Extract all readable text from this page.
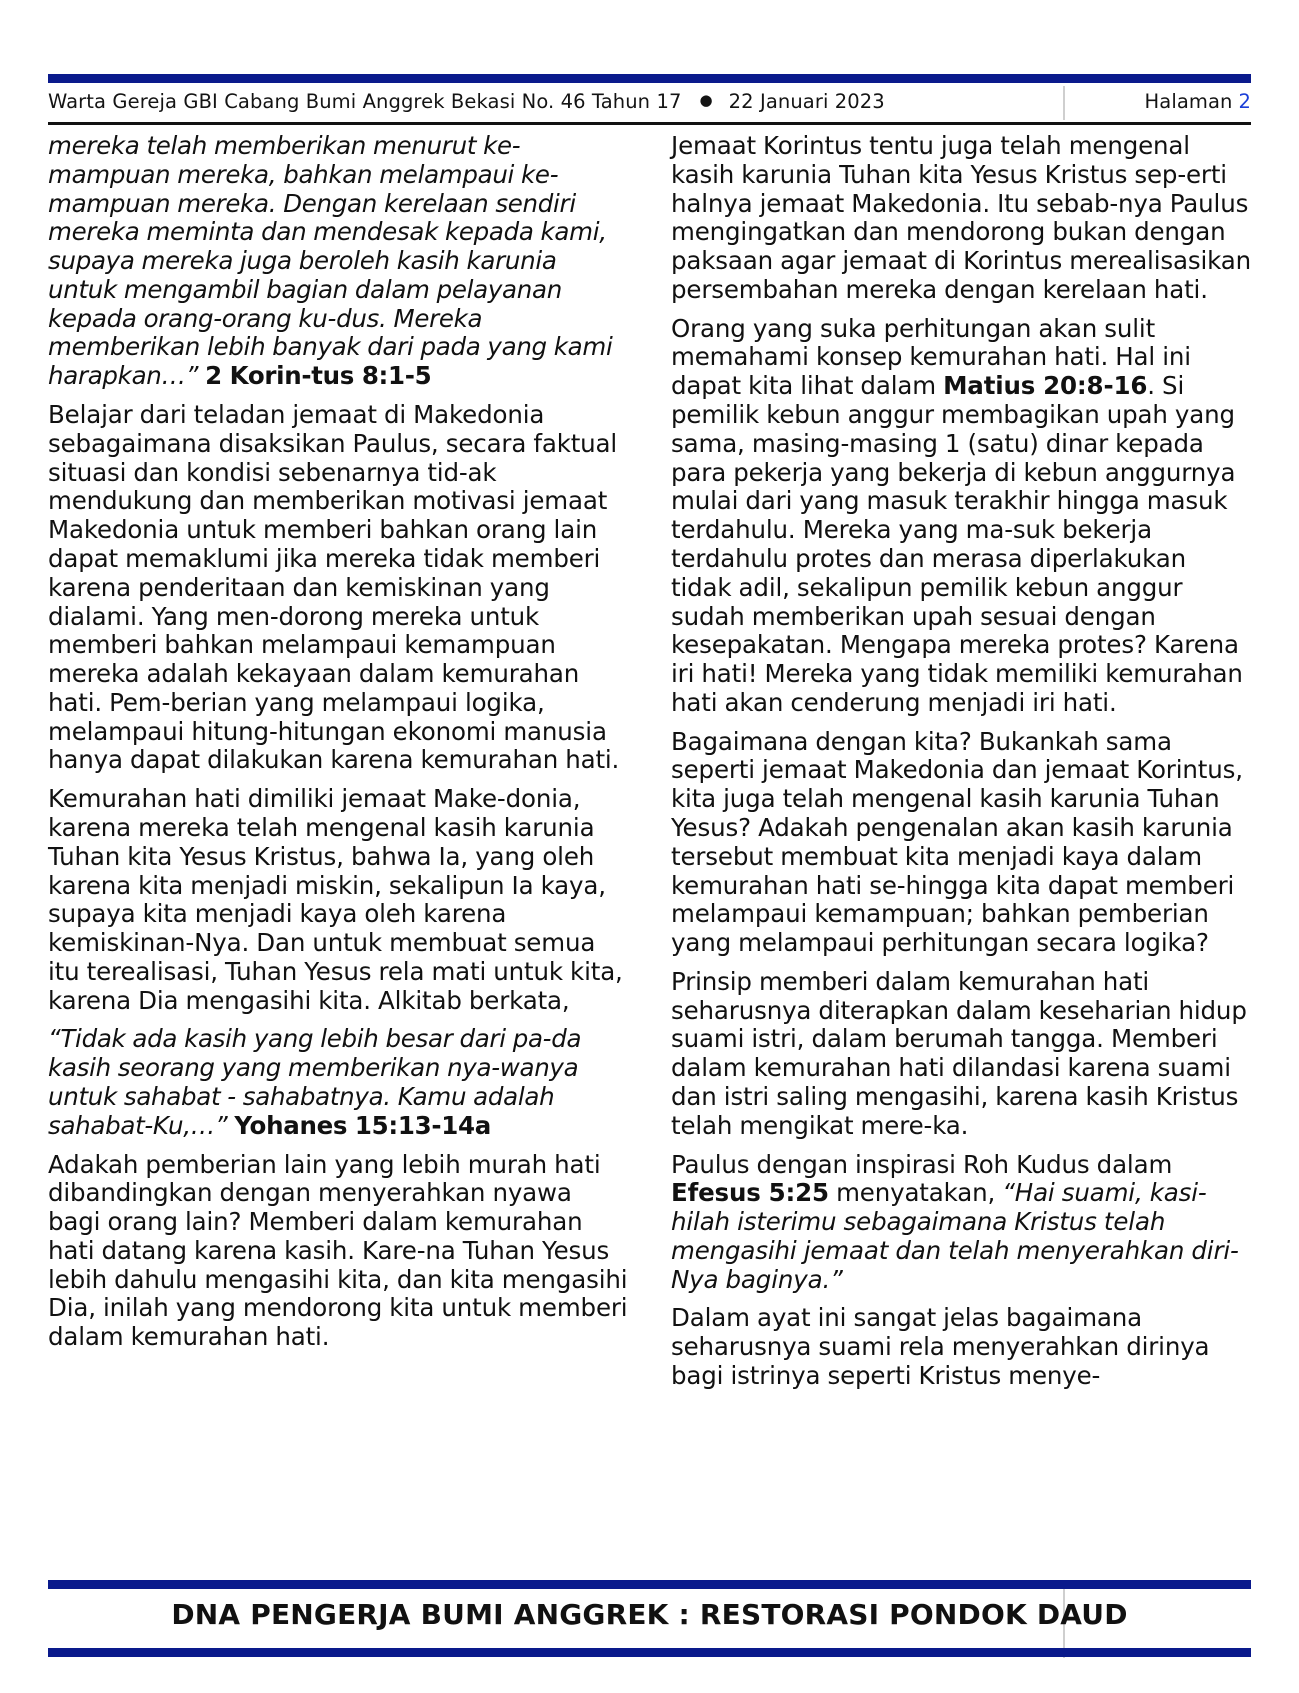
Warta Gereja GBI Cabang Bumi Anggrek Bekasi No. 46 Tahun 17 ● 22 Januari 2023	Halaman 2

mereka telah memberikan menurut ke-mampuan mereka, bahkan melampaui ke-mampuan mereka. Dengan kerelaan sendiri mereka meminta dan mendesak kepada kami, supaya mereka juga beroleh kasih karunia untuk mengambil bagian dalam pelayanan kepada orang-orang ku-dus. Mereka memberikan lebih banyak dari pada yang kami harapkan…” 2 Korin-tus 8:1-5

Belajar dari teladan jemaat di Makedonia sebagaimana disaksikan Paulus, secara faktual situasi dan kondisi sebenarnya tid-ak mendukung dan memberikan motivasi jemaat Makedonia untuk memberi bahkan orang lain dapat memaklumi jika mereka tidak memberi karena penderitaan dan kemiskinan yang dialami. Yang men-dorong mereka untuk memberi bahkan melampaui kemampuan mereka adalah kekayaan dalam kemurahan hati. Pem-berian yang melampaui logika, melampaui hitung-hitungan ekonomi manusia hanya dapat dilakukan karena kemurahan hati.

Kemurahan hati dimiliki jemaat Make-donia, karena mereka telah mengenal kasih karunia Tuhan kita Yesus Kristus, bahwa Ia, yang oleh karena kita menjadi miskin, sekalipun Ia kaya, supaya kita menjadi kaya oleh karena kemiskinan-Nya. Dan untuk membuat semua itu terealisasi, Tuhan Yesus rela mati untuk kita, karena Dia mengasihi kita. Alkitab berkata,

“Tidak ada kasih yang lebih besar dari pa-da kasih seorang yang memberikan nya-wanya untuk sahabat - sahabatnya. Kamu adalah sahabat-Ku,…” Yohanes 15:13-14a

Adakah pemberian lain yang lebih murah hati dibandingkan dengan menyerahkan nyawa bagi orang lain? Memberi dalam kemurahan hati datang karena kasih. Kare-na Tuhan Yesus lebih dahulu mengasihi kita, dan kita mengasihi Dia, inilah yang mendorong kita untuk memberi dalam kemurahan hati.

Jemaat Korintus tentu juga telah mengenal kasih karunia Tuhan kita Yesus Kristus sep-erti halnya jemaat Makedonia. Itu sebab-nya Paulus mengingatkan dan mendorong bukan dengan paksaan agar jemaat di Korintus merealisasikan persembahan mereka dengan kerelaan hati.

Orang yang suka perhitungan akan sulit memahami konsep kemurahan hati. Hal ini dapat kita lihat dalam Matius 20:8-16. Si pemilik kebun anggur membagikan upah yang sama, masing-masing 1 (satu) dinar kepada para pekerja yang bekerja di kebun anggurnya mulai dari yang masuk terakhir hingga masuk terdahulu. Mereka yang ma-suk bekerja terdahulu protes dan merasa diperlakukan tidak adil, sekalipun pemilik kebun anggur sudah memberikan upah sesuai dengan kesepakatan. Mengapa mereka protes? Karena iri hati! Mereka yang tidak memiliki kemurahan hati akan cenderung menjadi iri hati.

Bagaimana dengan kita? Bukankah sama seperti jemaat Makedonia dan jemaat Korintus, kita juga telah mengenal kasih karunia Tuhan Yesus? Adakah pengenalan akan kasih karunia tersebut membuat kita menjadi kaya dalam kemurahan hati se-hingga kita dapat memberi melampaui kemampuan; bahkan pemberian yang melampaui perhitungan secara logika?

Prinsip memberi dalam kemurahan hati seharusnya diterapkan dalam keseharian hidup suami istri, dalam berumah tangga. Memberi dalam kemurahan hati dilandasi karena suami dan istri saling mengasihi, karena kasih Kristus telah mengikat mere-ka.

Paulus dengan inspirasi Roh Kudus dalam Efesus 5:25 menyatakan, “Hai suami, kasi-hilah isterimu sebagaimana Kristus telah mengasihi jemaat dan telah menyerahkan diri-Nya baginya.”

Dalam ayat ini sangat jelas bagaimana seharusnya suami rela menyerahkan dirinya bagi istrinya seperti Kristus menye-

DNA PENGERJA BUMI ANGGREK : RESTORASI PONDOK DAUD
